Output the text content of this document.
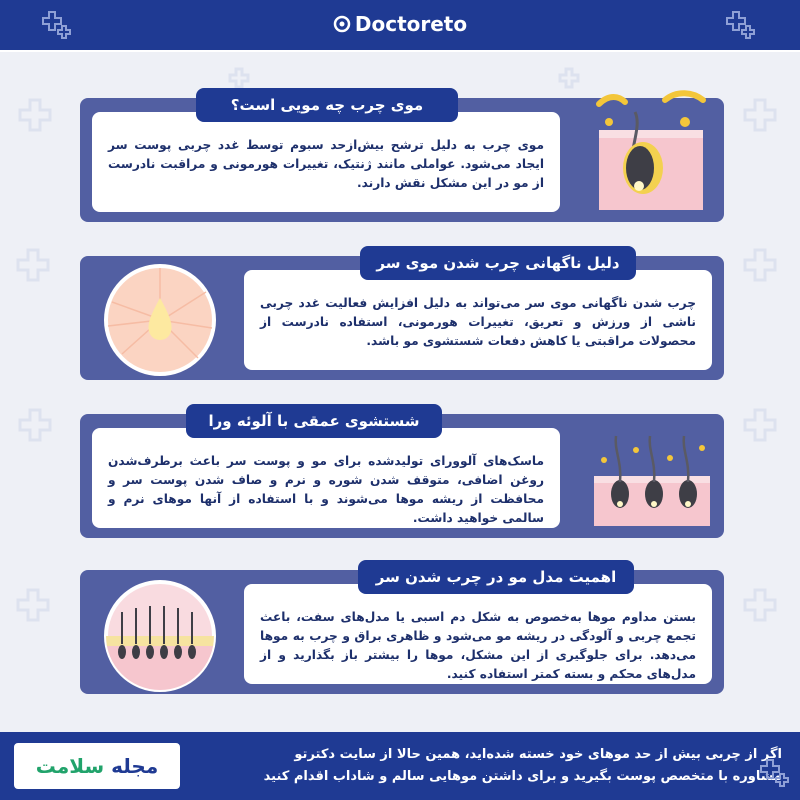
Doctoreto
موی چرب به دلیل ترشح بیش‌ازحد سبوم توسط غدد چربی پوست سر ایجاد می‌شود. عواملی مانند ژنتیک، تغییرات هورمونی و مراقبت نادرست از مو در این مشکل نقش دارند.
موی چرب چه مویی است؟
چرب شدن ناگهانی موی سر می‌تواند به دلیل افزایش فعالیت غدد چربی ناشی از ورزش و تعریق، تغییرات هورمونی، استفاده نادرست از محصولات مراقبتی یا کاهش دفعات شستشوی مو باشد.
دلیل ناگهانی چرب شدن موی سر
ماسک‌های آلوورای تولیدشده برای مو و پوست سر باعث برطرف‌شدن روغن اضافی، متوقف شدن شوره و نرم و صاف شدن پوست سر و محافظت از ریشه موها می‌شوند و با استفاده از آنها موهای نرم و سالمی خواهید داشت.
شستشوی عمقی با آلوئه ورا
بستن مداوم موها به‌خصوص به شکل دم اسبی یا مدل‌های سفت، باعث تجمع چربی و آلودگی در ریشه مو می‌شود و ظاهری براق و چرب به موها می‌دهد. برای جلوگیری از این مشکل، موها را بیشتر باز بگذارید و از مدل‌های محکم و بسته کمتر استفاده کنید.
اهمیت مدل مو در چرب شدن سر
اگر از چربی بیش از حد موهای خود خسته شده‌اید، همین حالا از سایت دکترتو
مشاوره با متخصص پوست بگیرید و برای داشتن موهایی سالم و شاداب اقدام کنید
مجله سلامت
